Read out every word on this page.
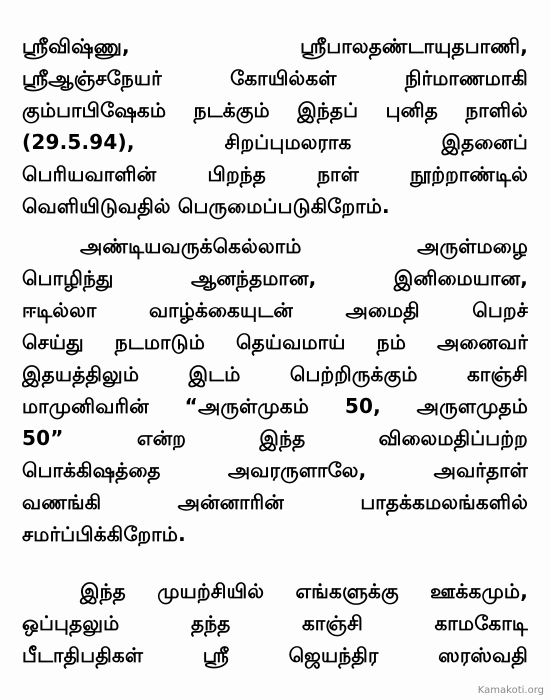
ஸ்ரீவிஷ்ணு, ஸ்ரீபாலதண்டாயுதபாணி,
ஸ்ரீஆஞ்சநேயர் கோயில்கள் நிர்மாணமாகி
கும்பாபிஷேகம் நடக்கும் இந்தப் புனித நாளில்
(29.5.94), சிறப்புமலராக இதனைப்
பெரியவாளின் பிறந்த நாள் நூற்றாண்டில்
வெளியிடுவதில் பெருமைப்படுகிறோம்.
அண்டியவருக்கெல்லாம் அருள்மழை
பொழிந்து ஆனந்தமான, இனிமையான,
ஈடில்லா வாழ்க்கையுடன் அமைதி பெறச்
செய்து நடமாடும் தெய்வமாய் நம் அனைவர்
இதயத்திலும் இடம் பெற்றிருக்கும் காஞ்சி
மாமுனிவரின் “அருள்முகம் 50, அருளமுதம்
50” என்ற இந்த விலைமதிப்பற்ற
பொக்கிஷத்தை அவரருளாலே, அவர்தாள்
வணங்கி அன்னாரின் பாதக்கமலங்களில்
சமர்ப்பிக்கிறோம்.
இந்த முயற்சியில் எங்களுக்கு ஊக்கமும்,
ஒப்புதலும் தந்த காஞ்சி காமகோடி
பீடாதிபதிகள் ஸ்ரீ ஜெயந்திர ஸரஸ்வதி
Kamakoti.org
